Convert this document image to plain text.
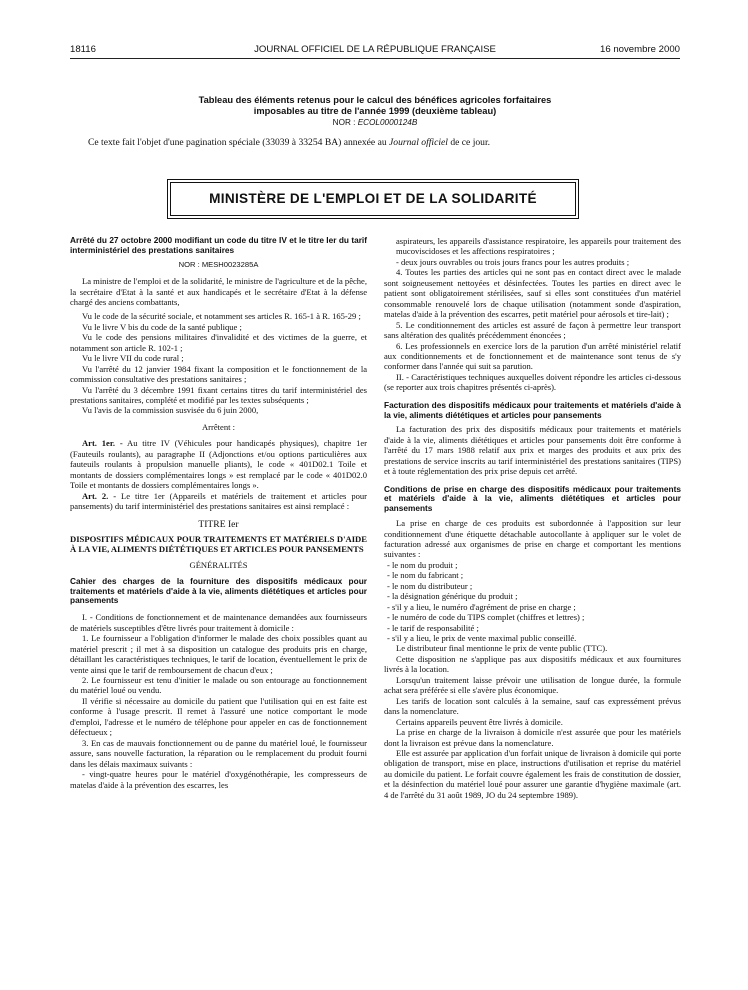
18116	JOURNAL OFFICIEL DE LA RÉPUBLIQUE FRANÇAISE	16 novembre 2000
Tableau des éléments retenus pour le calcul des bénéfices agricoles forfaitaires
imposables au titre de l'année 1999 (deuxième tableau)
NOR : ECOL0000124B
Ce texte fait l'objet d'une pagination spéciale (33039 à 33254 BA) annexée au Journal officiel de ce jour.
MINISTÈRE DE L'EMPLOI ET DE LA SOLIDARITÉ

Arrêté du 27 octobre 2000 modifiant un code du titre IV et le titre Ier du tarif interministériel des prestations sanitaires

NOR : MESH0023285A

La ministre de l'emploi et de la solidarité, le ministre de l'agriculture et de la pêche, la secrétaire d'Etat à la santé et aux handicapés et le secrétaire d'Etat à la défense chargé des anciens combattants,

Vu le code de la sécurité sociale, et notamment ses articles R. 165-1 à R. 165-29 ;

Vu le livre V bis du code de la santé publique ;

Vu le code des pensions militaires d'invalidité et des victimes de la guerre, et notamment son article R. 102-1 ;

Vu le livre VII du code rural ;

Vu l'arrêté du 12 janvier 1984 fixant la composition et le fonctionnement de la commission consultative des prestations sanitaires ;

Vu l'arrêté du 3 décembre 1991 fixant certains titres du tarif interministériel des prestations sanitaires, complété et modifié par les textes subséquents ;

Vu l'avis de la commission susvisée du 6 juin 2000,

Arrêtent :

Art. 1er. - Au titre IV (Véhicules pour handicapés physiques), chapitre 1er (Fauteuils roulants), au paragraphe II (Adjonctions et/ou options particulières aux fauteuils roulants à propulsion manuelle pliants), le code « 401D02.1 Toile et montants de dossiers complémentaires longs » est remplacé par le code « 401D02.0 Toile et montants de dossiers complémentaires longs ».

Art. 2. - Le titre 1er (Appareils et matériels de traitement et articles pour pansements) du tarif interministériel des prestations sanitaires est ainsi remplacé :

TITRE Ier

DISPOSITIFS MÉDICAUX POUR TRAITEMENTS ET MATÉRIELS D'AIDE À LA VIE, ALIMENTS DIÉTÉTIQUES ET ARTICLES POUR PANSEMENTS

GÉNÉRALITÉS

Cahier des charges de la fourniture des dispositifs médicaux pour traitements et matériels d'aide à la vie, aliments diététiques et articles pour pansements

I. - Conditions de fonctionnement et de maintenance demandées aux fournisseurs de matériels susceptibles d'être livrés pour traitement à domicile :

1. Le fournisseur a l'obligation d'informer le malade des choix possibles quant au matériel prescrit ; il met à sa disposition un catalogue des produits pris en charge, détaillant les caractéristiques techniques, le tarif de location, éventuellement le prix de vente ainsi que le tarif de remboursement de chacun d'eux ;

2. Le fournisseur est tenu d'initier le malade ou son entourage au fonctionnement du matériel loué ou vendu.

Il vérifie si nécessaire au domicile du patient que l'utilisation qui en est faite est conforme à l'usage prescrit. Il remet à l'assuré une notice comportant le mode d'emploi, l'adresse et le numéro de téléphone pour appeler en cas de fonctionnement défectueux ;

3. En cas de mauvais fonctionnement ou de panne du matériel loué, le fournisseur assure, sans nouvelle facturation, la réparation ou le remplacement du produit fourni dans les délais maximaux suivants :

- vingt-quatre heures pour le matériel d'oxygénothérapie, les compresseurs de matelas d'aide à la prévention des escarres, les

aspirateurs, les appareils d'assistance respiratoire, les appareils pour traitement des mucoviscidoses et les affections respiratoires ;

- deux jours ouvrables ou trois jours francs pour les autres produits ;

4. Toutes les parties des articles qui ne sont pas en contact direct avec le malade sont soigneusement nettoyées et désinfectées. Toutes les parties en direct avec le patient sont obligatoirement stérilisées, sauf si elles sont constituées d'un matériel consommable renouvelé lors de chaque utilisation (notamment sonde d'aspiration, matelas d'aide à la prévention des escarres, petit matériel pour aérosols et tire-lait) ;

5. Le conditionnement des articles est assuré de façon à permettre leur transport sans altération des qualités précédemment énoncées ;

6. Les professionnels en exercice lors de la parution d'un arrêté ministériel relatif aux conditionnements et de fonctionnement et de maintenance sont tenus de s'y conformer dans l'année qui suit sa parution.

II. - Caractéristiques techniques auxquelles doivent répondre les articles ci-dessous (se reporter aux trois chapitres présentés ci-après).

Facturation des dispositifs médicaux pour traitements et matériels d'aide à la vie, aliments diététiques et articles pour pansements

La facturation des prix des dispositifs médicaux pour traitements et matériels d'aide à la vie, aliments diététiques et articles pour pansements doit être conforme à l'arrêté du 17 mars 1988 relatif aux prix et marges des produits et aux prix des prestations de service inscrits au tarif interministériel des prestations sanitaires (TIPS) et à toute réglementation des prix prise depuis cet arrêté.

Conditions de prise en charge des dispositifs médicaux pour traitements et matériels d'aide à la vie, aliments diététiques et articles pour pansements

La prise en charge de ces produits est subordonnée à l'apposition sur leur conditionnement d'une étiquette détachable autocollante à appliquer sur le volet de facturation adressé aux organismes de prise en charge et comportant les mentions suivantes :

- le nom du produit ;
- le nom du fabricant ;
- le nom du distributeur ;
- la désignation générique du produit ;
- s'il y a lieu, le numéro d'agrément de prise en charge ;
- le numéro de code du TIPS complet (chiffres et lettres) ;
- le tarif de responsabilité ;
- s'il y a lieu, le prix de vente maximal public conseillé.

Le distributeur final mentionne le prix de vente public (TTC).

Cette disposition ne s'applique pas aux dispositifs médicaux et aux fournitures livrés à la location.

Lorsqu'un traitement laisse prévoir une utilisation de longue durée, la formule achat sera préférée si elle s'avère plus économique.

Les tarifs de location sont calculés à la semaine, sauf cas expressément prévus dans la nomenclature.

Certains appareils peuvent être livrés à domicile.

La prise en charge de la livraison à domicile n'est assurée que pour les matériels dont la livraison est prévue dans la nomenclature.

Elle est assurée par application d'un forfait unique de livraison à domicile qui porte obligation de transport, mise en place, instructions d'utilisation et reprise du matériel au domicile du patient. Le forfait couvre également les frais de constitution de dossier, et la désinfection du matériel loué pour assurer une garantie d'hygiène maximale (art. 4 de l'arrêté du 31 août 1989, JO du 24 septembre 1989).
